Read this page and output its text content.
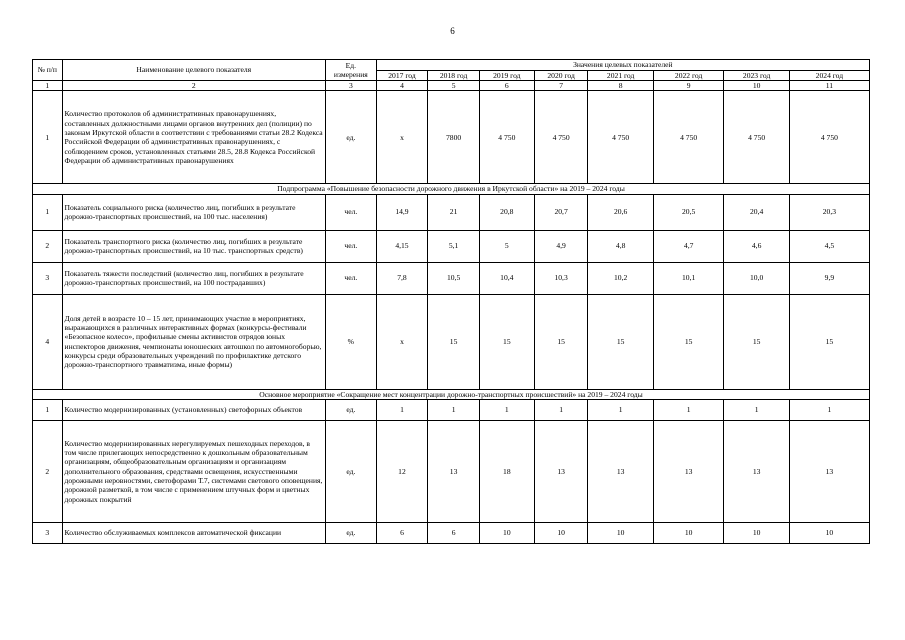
6
№ п/п	Наименование целевого показателя	Ед. измерения	Значения целевых показателей							
			2017 год	2018 год	2019 год	2020 год	2021 год	2022 год	2023 год	2024 год
1	2	3	4	5	6	7	8	9	10	11
1	Количество протоколов об административных правонарушениях, составленных должностными лицами органов внутренних дел (полиции) по законам Иркутской области в соответствии с требованиями статьи 28.2 Кодекса Российской Федерации об административных правонарушениях, с соблюдением сроков, установленных статьями 28.5, 28.8 Кодекса Российской Федерации об административных правонарушениях	ед.	х	7800	4 750	4 750	4 750	4 750	4 750	4 750
Подпрограмма «Повышение безопасности дорожного движения в Иркутской области» на 2019 – 2024 годы										
1	Показатель социального риска (количество лиц, погибших в результате дорожно-транспортных происшествий, на 100 тыс. населения)	чел.	14,9	21	20,8	20,7	20,6	20,5	20,4	20,3
2	Показатель транспортного риска (количество лиц, погибших в результате дорожно-транспортных происшествий, на 10 тыс. транспортных средств)	чел.	4,15	5,1	5	4,9	4,8	4,7	4,6	4,5
3	Показатель тяжести последствий (количество лиц, погибших в результате дорожно-транспортных происшествий, на 100 пострадавших)	чел.	7,8	10,5	10,4	10,3	10,2	10,1	10,0	9,9
4	Доля детей в возрасте 10 – 15 лет, принимающих участие в мероприятиях, выражающихся в различных интерактивных формах (конкурсы-фестивали «Безопасное колесо», профильные смены активистов отрядов юных инспекторов движения, чемпионаты юношеских автошкол по автомногоборью, конкурсы среди образовательных учреждений по профилактике детского дорожно-транспортного травматизма, иные формы)	%	х	15	15	15	15	15	15	15
Основное мероприятие «Сокращение мест концентрации дорожно-транспортных происшествий» на 2019 – 2024 годы										
1	Количество модернизированных (установленных) светофорных объектов	ед.	1	1	1	1	1	1	1	1
2	Количество модернизированных нерегулируемых пешеходных переходов, в том числе прилегающих непосредственно к дошкольным образовательным организациям, общеобразовательным организациям и организациям дополнительного образования, средствами освещения, искусственными дорожными неровностями, светофорами Т.7, системами светового оповещения, дорожной разметкой, в том числе с применением штучных форм и цветных дорожных покрытий	ед.	12	13	18	13	13	13	13	13
3	Количество обслуживаемых комплексов автоматической фиксации	ед.	6	6	10	10	10	10	10	10
